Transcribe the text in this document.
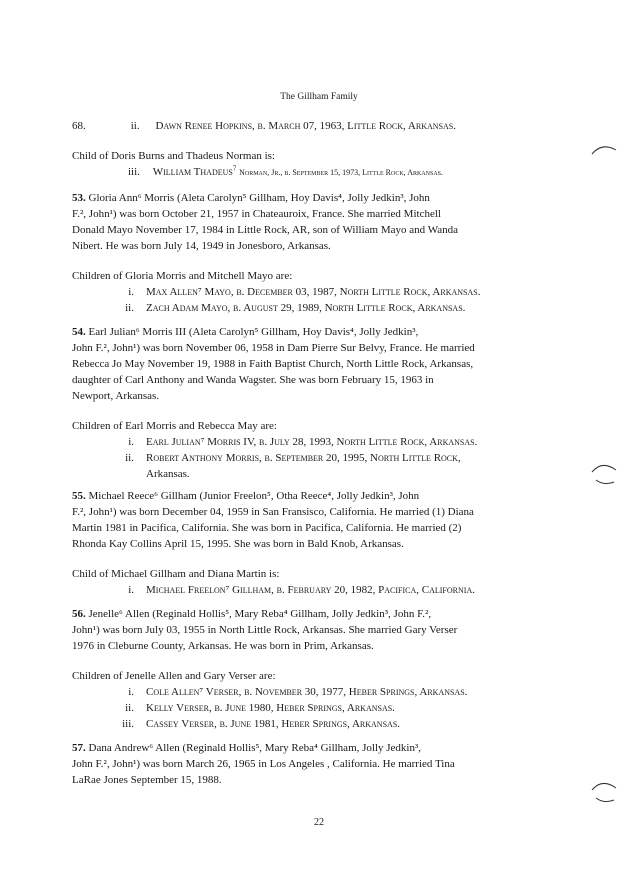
The Gillham Family
68.	ii. Dawn Renee Hopkins, b. March 07, 1963, Little Rock, Arkansas.
Child of Doris Burns and Thadeus Norman is:
iii. William Thadeus$^7$ Norman, Jr., b. September 15, 1973, Little Rock, Arkansas.
53. Gloria Ann⁶ Morris (Aleta Carolyn⁵ Gillham, Hoy Davis⁴, Jolly Jedkin³, John
F.², John¹) was born October 21, 1957 in Chateauroix, France. She married Mitchell
Donald Mayo November 17, 1984 in Little Rock, AR, son of William Mayo and Wanda
Nibert. He was born July 14, 1949 in Jonesboro, Arkansas.
Children of Gloria Morris and Mitchell Mayo are:
i. Max Allen⁷ Mayo, b. December 03, 1987, North Little Rock, Arkansas.
ii. Zach Adam Mayo, b. August 29, 1989, North Little Rock, Arkansas.
54. Earl Julian⁶ Morris III (Aleta Carolyn⁵ Gillham, Hoy Davis⁴, Jolly Jedkin³,
John F.², John¹) was born November 06, 1958 in Dam Pierre Sur Belvy, France. He married
Rebecca Jo May November 19, 1988 in Faith Baptist Church, North Little Rock, Arkansas,
daughter of Carl Anthony and Wanda Wagster. She was born February 15, 1963 in
Newport, Arkansas.
Children of Earl Morris and Rebecca May are:
i. Earl Julian⁷ Morris IV, b. July 28, 1993, North Little Rock, Arkansas.
ii. Robert Anthony Morris, b. September 20, 1995, North Little Rock,
Arkansas.
55. Michael Reece⁶ Gillham (Junior Freelon⁵, Otha Reece⁴, Jolly Jedkin³, John
F.², John¹) was born December 04, 1959 in San Fransisco, California. He married (1) Diana
Martin 1981 in Pacifica, California. She was born in Pacifica, California. He married (2)
Rhonda Kay Collins April 15, 1995. She was born in Bald Knob, Arkansas.
Child of Michael Gillham and Diana Martin is:
i. Michael Freelon⁷ Gillham, b. February 20, 1982, Pacifica, California.
56. Jenelle⁶ Allen (Reginald Hollis⁵, Mary Reba⁴ Gillham, Jolly Jedkin³, John F.²,
John¹) was born July 03, 1955 in North Little Rock, Arkansas. She married Gary Verser
1976 in Cleburne County, Arkansas. He was born in Prim, Arkansas.
Children of Jenelle Allen and Gary Verser are:
i. Cole Allen⁷ Verser, b. November 30, 1977, Heber Springs, Arkansas.
ii. Kelly Verser, b. June 1980, Heber Springs, Arkansas.
iii. Cassey Verser, b. June 1981, Heber Springs, Arkansas.
57. Dana Andrew⁶ Allen (Reginald Hollis⁵, Mary Reba⁴ Gillham, Jolly Jedkin³,
John F.², John¹) was born March 26, 1965 in Los Angeles , California. He married Tina
LaRae Jones September 15, 1988.
22
